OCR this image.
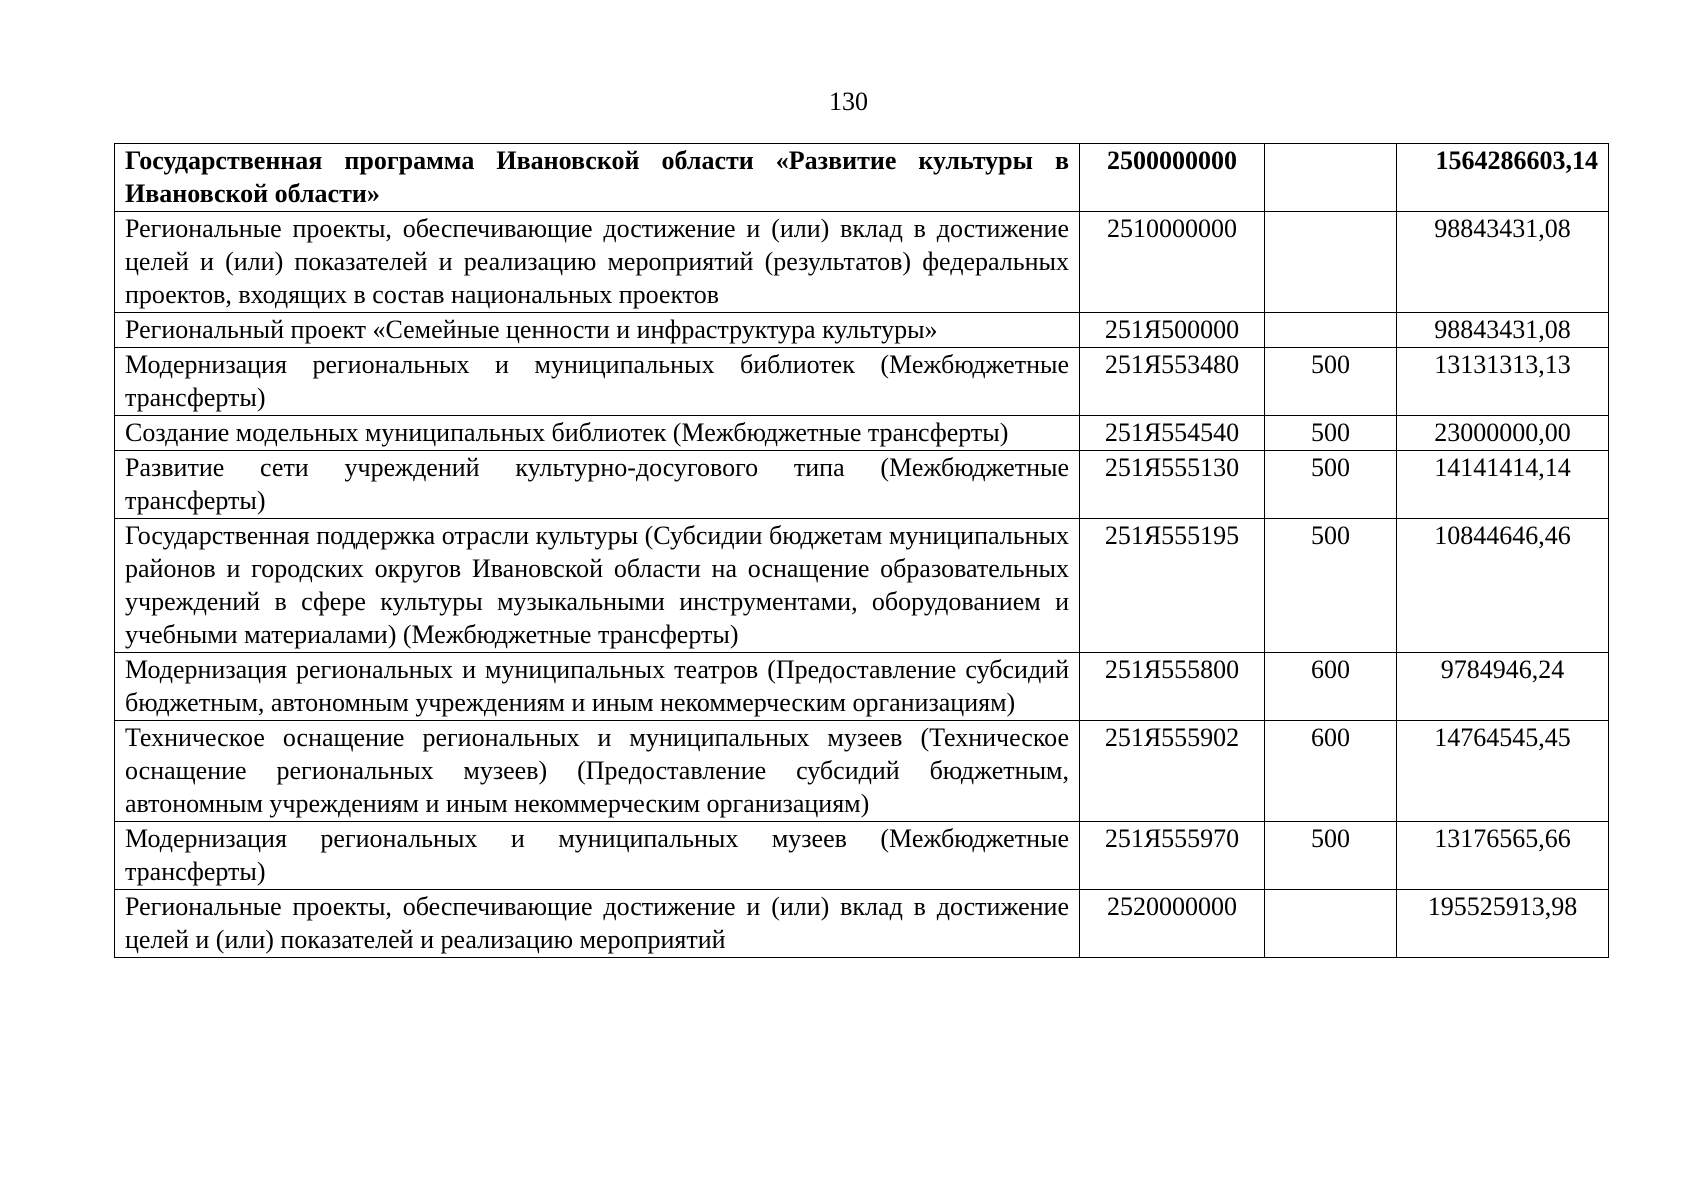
130
Государственная программа Ивановской области «Развитие культуры в Ивановской области»	2500000000		1564286603,14
Региональные проекты, обеспечивающие достижение и (или) вклад в достижение целей и (или) показателей и реализацию мероприятий (результатов) федеральных проектов, входящих в состав национальных проектов	2510000000		98843431,08
Региональный проект «Семейные ценности и инфраструктура культуры»	251Я500000		98843431,08
Модернизация региональных и муниципальных библиотек (Межбюджетные трансферты)	251Я553480	500	13131313,13
Создание модельных муниципальных библиотек (Межбюджетные трансферты)	251Я554540	500	23000000,00
Развитие сети учреждений культурно-досугового типа (Межбюджетные трансферты)	251Я555130	500	14141414,14
Государственная поддержка отрасли культуры (Субсидии бюджетам муниципальных районов и городских округов Ивановской области на оснащение образовательных учреждений в сфере культуры музыкальными инструментами, оборудованием и учебными материалами) (Межбюджетные трансферты)	251Я555195	500	10844646,46
Модернизация региональных и муниципальных театров (Предоставление субсидий бюджетным, автономным учреждениям и иным некоммерческим организациям)	251Я555800	600	9784946,24
Техническое оснащение региональных и муниципальных музеев (Техническое оснащение региональных музеев) (Предоставление субсидий бюджетным, автономным учреждениям и иным некоммерческим организациям)	251Я555902	600	14764545,45
Модернизация региональных и муниципальных музеев (Межбюджетные трансферты)	251Я555970	500	13176565,66
Региональные проекты, обеспечивающие достижение и (или) вклад в достижение целей и (или) показателей и реализацию мероприятий	2520000000		195525913,98
